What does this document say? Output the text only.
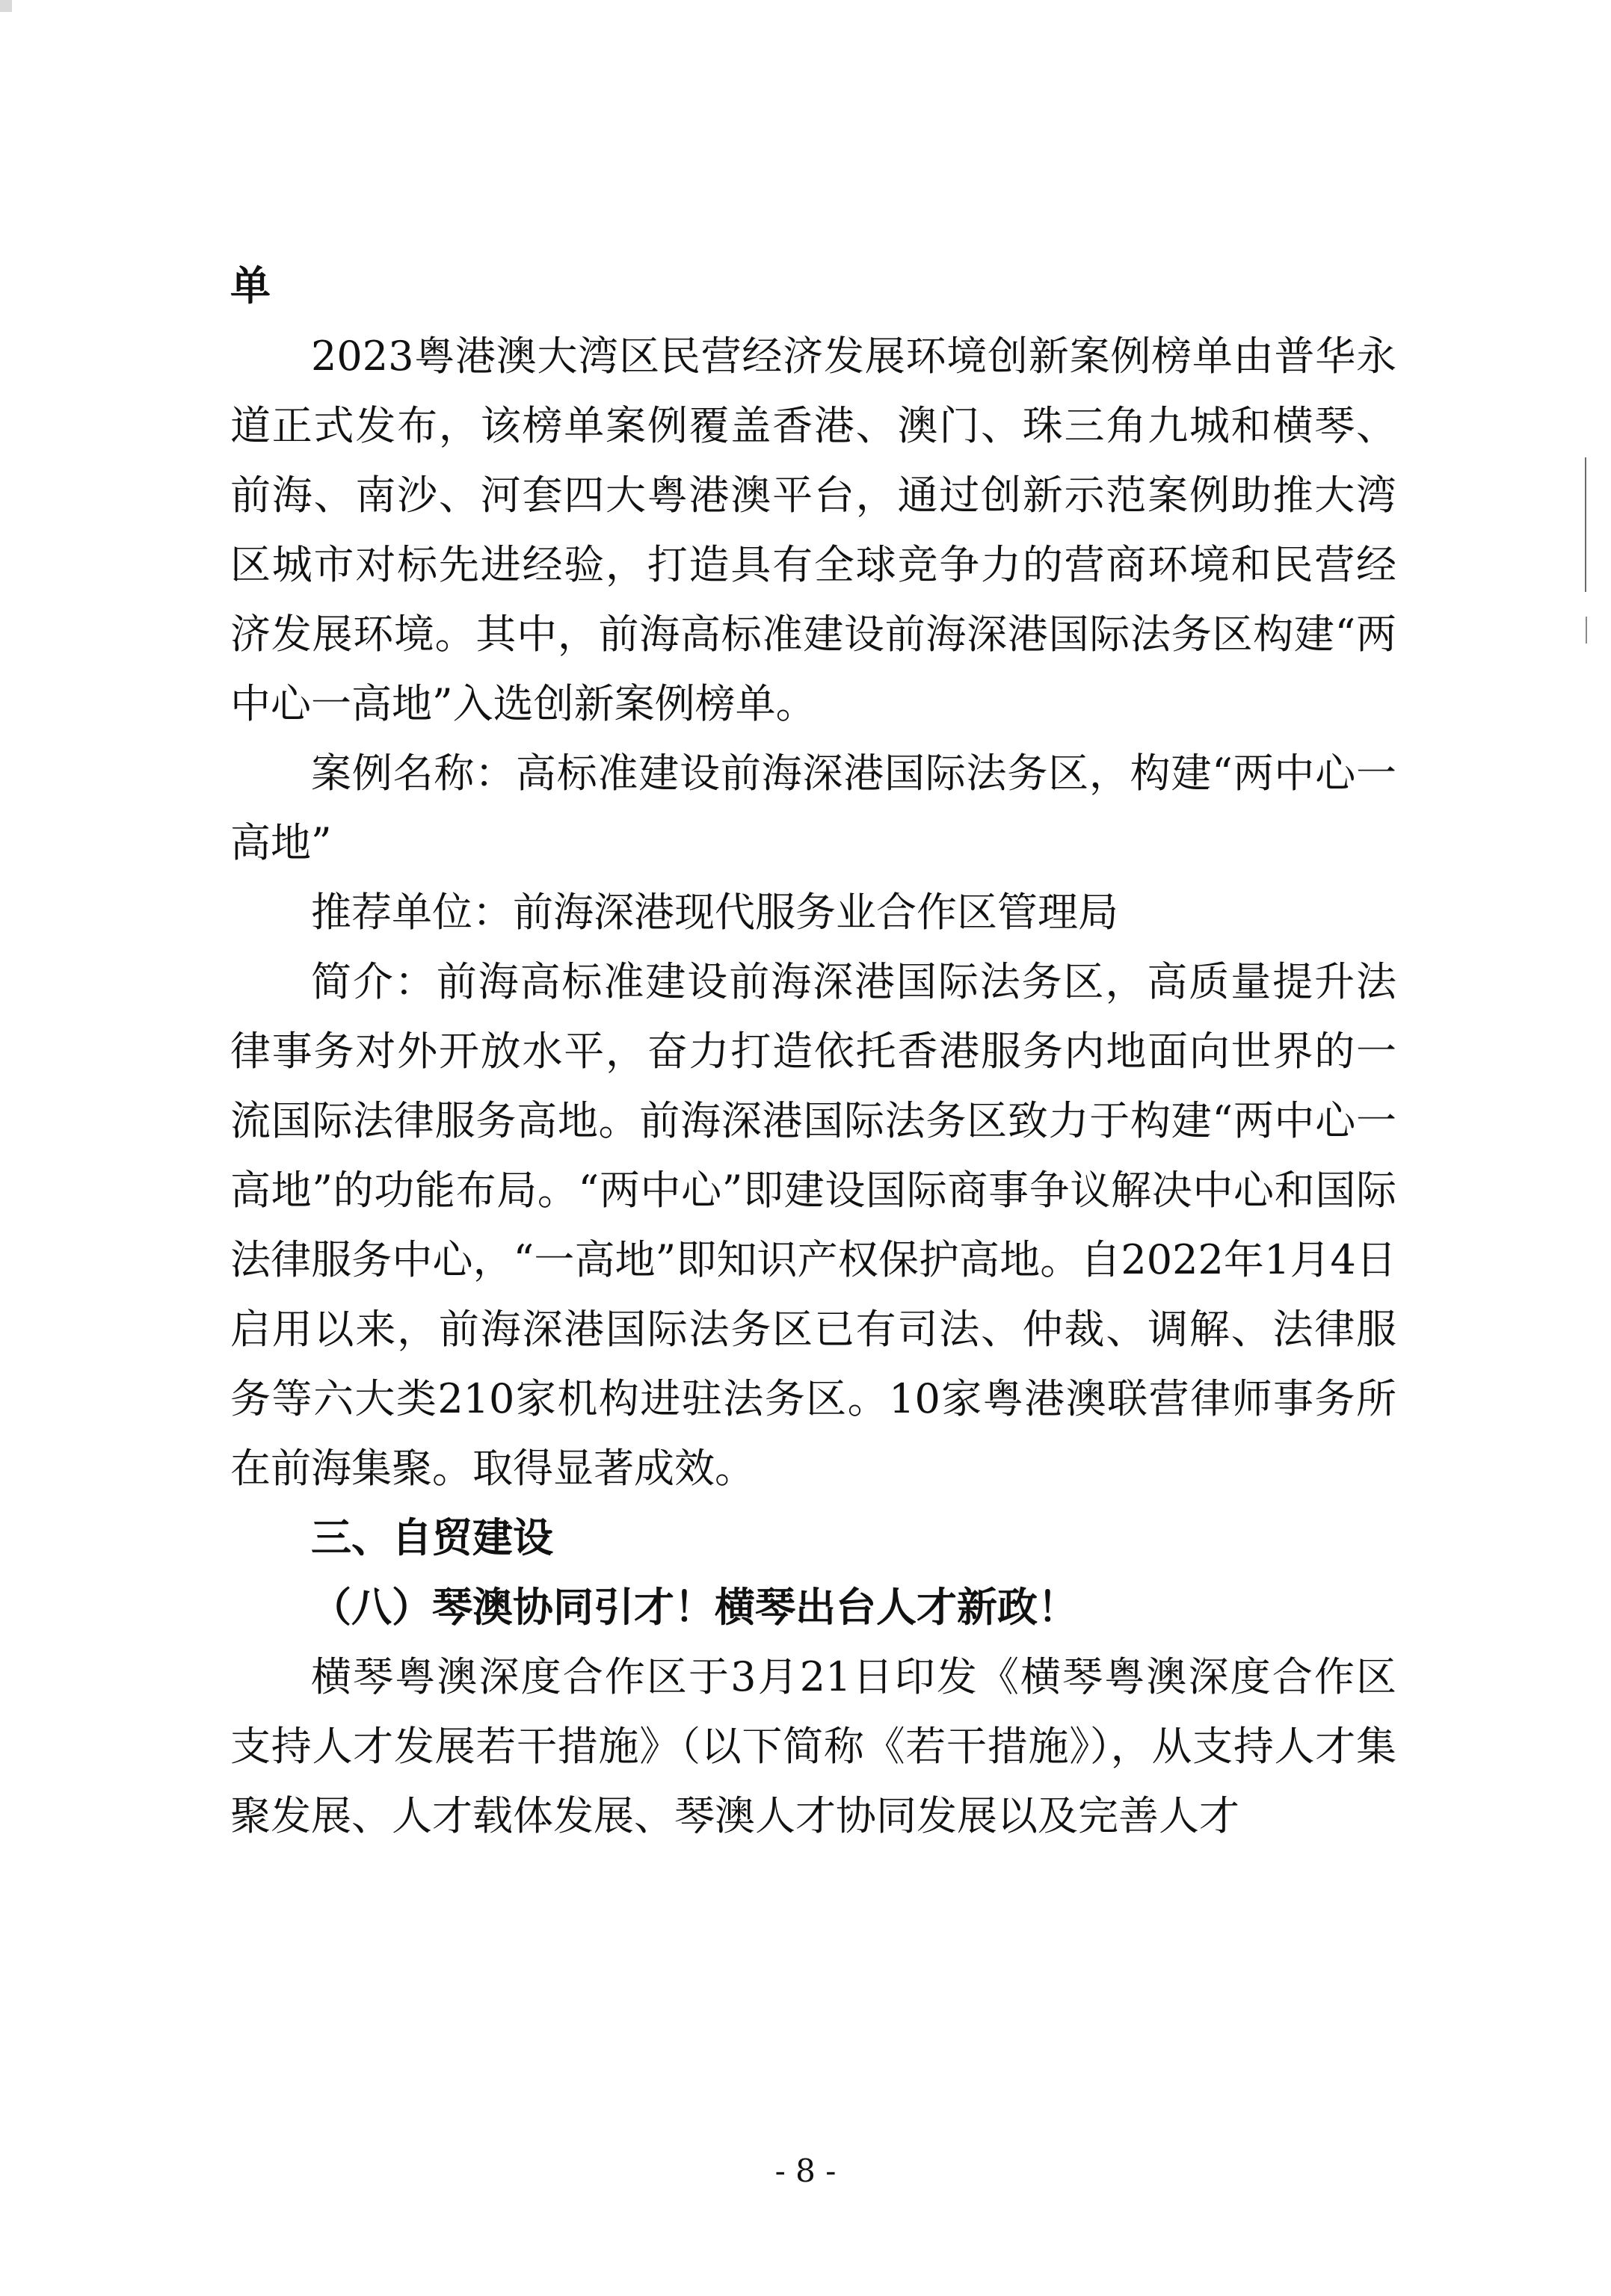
单

2023粤港澳大湾区民营经济发展环境创新案例榜单由普华永道正式发布，该榜单案例覆盖香港、澳门、珠三角九城和横琴、前海、南沙、河套四大粤港澳平台，通过创新示范案例助推大湾区城市对标先进经验，打造具有全球竞争力的营商环境和民营经济发展环境。其中，前海高标准建设前海深港国际法务区构建“两中心一高地”入选创新案例榜单。

案例名称：高标准建设前海深港国际法务区，构建“两中心一高地”

推荐单位：前海深港现代服务业合作区管理局

简介：前海高标准建设前海深港国际法务区，高质量提升法律事务对外开放水平，奋力打造依托香港服务内地面向世界的一流国际法律服务高地。前海深港国际法务区致力于构建“两中心一高地”的功能布局。“两中心”即建设国际商事争议解决中心和国际法律服务中心，“一高地”即知识产权保护高地。自2022年1月4日启用以来，前海深港国际法务区已有司法、仲裁、调解、法律服务等六大类210家机构进驻法务区。10家粤港澳联营律师事务所在前海集聚。取得显著成效。

三、自贸建设

（八）琴澳协同引才！横琴出台人才新政！

横琴粤澳深度合作区于3月21日印发《横琴粤澳深度合作区支持人才发展若干措施》（以下简称《若干措施》），从支持人才集聚发展、人才载体发展、琴澳人才协同发展以及完善人才

- 8 -
